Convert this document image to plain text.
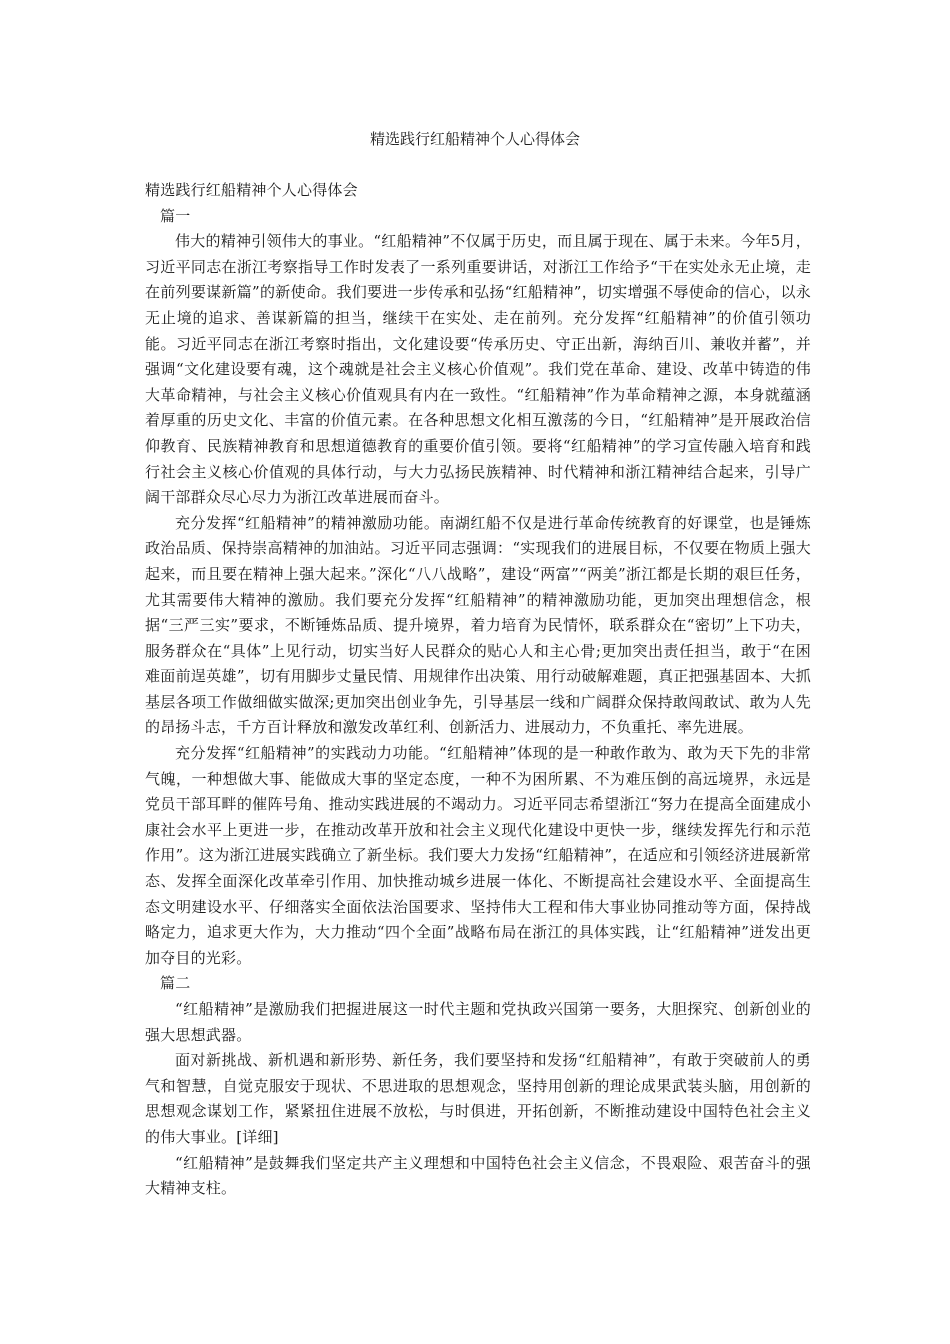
精选践行红船精神个人心得体会

精选践行红船精神个人心得体会

篇一

伟大的精神引领伟大的事业。“红船精神”不仅属于历史，而且属于现在、属于未来。今年5月，习近平同志在浙江考察指导工作时发表了一系列重要讲话，对浙江工作给予“干在实处永无止境，走在前列要谋新篇”的新使命。我们要进一步传承和弘扬“红船精神”，切实增强不辱使命的信心，以永无止境的追求、善谋新篇的担当，继续干在实处、走在前列。充分发挥“红船精神”的价值引领功能。习近平同志在浙江考察时指出，文化建设要“传承历史、守正出新，海纳百川、兼收并蓄”，并强调“文化建设要有魂，这个魂就是社会主义核心价值观”。我们党在革命、建设、改革中铸造的伟大革命精神，与社会主义核心价值观具有内在一致性。“红船精神”作为革命精神之源，本身就蕴涵着厚重的历史文化、丰富的价值元素。在各种思想文化相互激荡的今日，“红船精神”是开展政治信仰教育、民族精神教育和思想道德教育的重要价值引领。要将“红船精神”的学习宣传融入培育和践行社会主义核心价值观的具体行动，与大力弘扬民族精神、时代精神和浙江精神结合起来，引导广阔干部群众尽心尽力为浙江改革进展而奋斗。

充分发挥“红船精神”的精神激励功能。南湖红船不仅是进行革命传统教育的好课堂，也是锤炼政治品质、保持崇高精神的加油站。习近平同志强调：“实现我们的进展目标，不仅要在物质上强大起来，而且要在精神上强大起来。”深化“八八战略”，建设“两富”“两美”浙江都是长期的艰巨任务，尤其需要伟大精神的激励。我们要充分发挥“红船精神”的精神激励功能，更加突出理想信念，根据“三严三实”要求，不断锤炼品质、提升境界，着力培育为民情怀，联系群众在“密切”上下功夫，服务群众在“具体”上见行动，切实当好人民群众的贴心人和主心骨;更加突出责任担当，敢于“在困难面前逞英雄”，切有用脚步丈量民情、用规律作出决策、用行动破解难题，真正把强基固本、大抓基层各项工作做细做实做深;更加突出创业争先，引导基层一线和广阔群众保持敢闯敢试、敢为人先的昂扬斗志，千方百计释放和激发改革红利、创新活力、进展动力，不负重托、率先进展。

充分发挥“红船精神”的实践动力功能。“红船精神”体现的是一种敢作敢为、敢为天下先的非常气魄，一种想做大事、能做成大事的坚定态度，一种不为困所累、不为难压倒的高远境界，永远是党员干部耳畔的催阵号角、推动实践进展的不竭动力。习近平同志希望浙江“努力在提高全面建成小康社会水平上更进一步，在推动改革开放和社会主义现代化建设中更快一步，继续发挥先行和示范作用”。这为浙江进展实践确立了新坐标。我们要大力发扬“红船精神”，在适应和引领经济进展新常态、发挥全面深化改革牵引作用、加快推动城乡进展一体化、不断提高社会建设水平、全面提高生态文明建设水平、仔细落实全面依法治国要求、坚持伟大工程和伟大事业协同推动等方面，保持战略定力，追求更大作为，大力推动“四个全面”战略布局在浙江的具体实践，让“红船精神”迸发出更加夺目的光彩。

篇二

“红船精神”是激励我们把握进展这一时代主题和党执政兴国第一要务，大胆探究、创新创业的强大思想武器。

面对新挑战、新机遇和新形势、新任务，我们要坚持和发扬“红船精神”，有敢于突破前人的勇气和智慧，自觉克服安于现状、不思进取的思想观念，坚持用创新的理论成果武装头脑，用创新的思想观念谋划工作，紧紧扭住进展不放松，与时俱进，开拓创新，不断推动建设中国特色社会主义的伟大事业。[详细]

“红船精神”是鼓舞我们坚定共产主义理想和中国特色社会主义信念，不畏艰险、艰苦奋斗的强大精神支柱。
